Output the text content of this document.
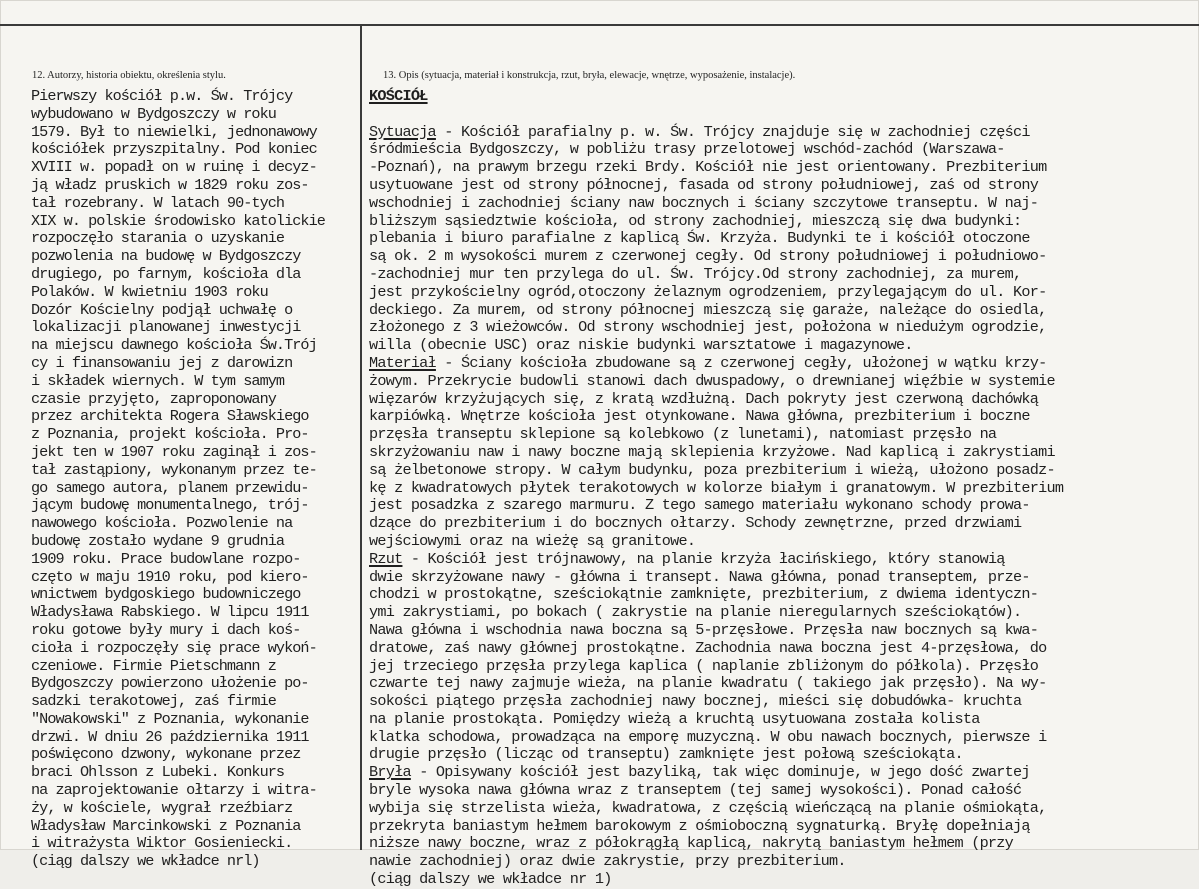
12. Autorzy, historia obiektu, określenia stylu.	13. Opis (sytuacja, materiał i konstrukcja, rzut, bryła, elewacje, wnętrze, wyposażenie, instalacje).
Pierwszy kościół p.w. Św. Trójcy
wybudowano w Bydgoszczy w roku
1579. Był to niewielki, jednonawowy
kościółek przyszpitalny. Pod koniec
XVIII w. popadł on w ruinę i decyz-
ją władz pruskich w 1829 roku zos-
tał rozebrany. W latach 90-tych
XIX w. polskie środowisko katolickie
rozpoczęło starania o uzyskanie
pozwolenia na budowę w Bydgoszczy
drugiego, po farnym, kościoła dla
Polaków. W kwietniu 1903 roku
Dozór Kościelny podjął uchwałę o
lokalizacji planowanej inwestycji
na miejscu dawnego kościoła Św.Trój
cy i finansowaniu jej z darowizn
i składek wiernych. W tym samym
czasie przyjęto, zaproponowany
przez architekta Rogera Sławskiego
z Poznania, projekt kościoła. Pro-
jekt ten w 1907 roku zaginął i zos-
tał zastąpiony, wykonanym przez te-
go samego autora, planem przewidu-
jącym budowę monumentalnego, trój-
nawowego kościoła. Pozwolenie na
budowę zostało wydane 9 grudnia
1909 roku. Prace budowlane rozpo-
częto w maju 1910 roku, pod kiero-
wnictwem bydgoskiego budowniczego
Władysława Rabskiego. W lipcu 1911
roku gotowe były mury i dach koś-
cioła i rozpoczęły się prace wykoń-
czeniowe. Firmie Pietschmann z
Bydgoszczy powierzono ułożenie po-
sadzki terakotowej, zaś firmie
"Nowakowski" z Poznania, wykonanie
drzwi. W dniu 26 października 1911
poświęcono dzwony, wykonane przez
braci Ohlsson z Lubeki. Konkurs
na zaprojektowanie ołtarzy i witra-
ży, w kościele, wygrał rzeźbiarz
Władysław Marcinkowski z Poznania
i witrażysta Wiktor Gosieniecki.
(ciąg dalszy we wkładce nrl)
KOŚCIÓŁ
Sytuacja - Kościół parafialny p. w. Św. Trójcy znajduje się w zachodniej części
śródmieścia Bydgoszczy, w pobliżu trasy przelotowej wschód-zachód (Warszawa-
-Poznań), na prawym brzegu rzeki Brdy. Kościół nie jest orientowany. Prezbiterium
usytuowane jest od strony północnej, fasada od strony południowej, zaś od strony
wschodniej i zachodniej ściany naw bocznych i ściany szczytowe transeptu. W naj-
bliższym sąsiedztwie kościoła, od strony zachodniej, mieszczą się dwa budynki:
plebania i biuro parafialne z kaplicą Św. Krzyża. Budynki te i kościół otoczone
są ok. 2 m wysokości murem z czerwonej cegły. Od strony południowej i południowo-
-zachodniej mur ten przylega do ul. Św. Trójcy.Od strony zachodniej, za murem,
jest przykościelny ogród,otoczony żelaznym ogrodzeniem, przylegającym do ul. Kor-
deckiego. Za murem, od strony północnej mieszczą się garaże, należące do osiedla,
złożonego z 3 wieżowców. Od strony wschodniej jest, położona w niedużym ogrodzie,
willa (obecnie USC) oraz niskie budynki warsztatowe i magazynowe.
Materiał - Ściany kościoła zbudowane są z czerwonej cegły, ułożonej w wątku krzy-
żowym. Przekrycie budowli stanowi dach dwuspadowy, o drewnianej więźbie w systemie
więzarów krzyżujących się, z kratą wzdłużną. Dach pokryty jest czerwoną dachówką
karpiówką. Wnętrze kościoła jest otynkowane. Nawa główna, prezbiterium i boczne
przęsła transeptu sklepione są kolebkowo (z lunetami), natomiast przęsło na
skrzyżowaniu naw i nawy boczne mają sklepienia krzyżowe. Nad kaplicą i zakrystiami
są żelbetonowe stropy. W całym budynku, poza prezbiterium i wieżą, ułożono posadz-
kę z kwadratowych płytek terakotowych w kolorze białym i granatowym. W prezbiterium
jest posadzka z szarego marmuru. Z tego samego materiału wykonano schody prowa-
dzące do prezbiterium i do bocznych ołtarzy. Schody zewnętrzne, przed drzwiami
wejściowymi oraz na wieżę są granitowe.
Rzut - Kościół jest trójnawowy, na planie krzyża łacińskiego, który stanowią
dwie skrzyżowane nawy - główna i transept. Nawa główna, ponad transeptem, prze-
chodzi w prostokątne, sześciokątnie zamknięte, prezbiterium, z dwiema identyczn-
ymi zakrystiami, po bokach ( zakrystie na planie nieregularnych sześciokątów).
Nawa główna i wschodnia nawa boczna są 5-przęsłowe. Przęsła naw bocznych są kwa-
dratowe, zaś nawy głównej prostokątne. Zachodnia nawa boczna jest 4-przęsłowa, do
jej trzeciego przęsła przylega kaplica ( naplanie zbliżonym do półkola). Przęsło
czwarte tej nawy zajmuje wieża, na planie kwadratu ( takiego jak przęsło). Na wy-
sokości piątego przęsła zachodniej nawy bocznej, mieści się dobudówka- kruchta
na planie prostokąta. Pomiędzy wieżą a kruchtą usytuowana została kolista
klatka schodowa, prowadząca na emporę muzyczną. W obu nawach bocznych, pierwsze i
drugie przęsło (licząc od transeptu) zamknięte jest połową sześciokąta.
Bryła - Opisywany kościół jest bazyliką, tak więc dominuje, w jego dość zwartej
bryle wysoka nawa główna wraz z transeptem (tej samej wysokości). Ponad całość
wybija się strzelista wieża, kwadratowa, z częścią wieńczącą na planie ośmiokąta,
przekryta baniastym hełmem barokowym z ośmioboczną sygnaturką. Bryłę dopełniają
niższe nawy boczne, wraz z półokrągłą kaplicą, nakrytą baniastym hełmem (przy
nawie zachodniej) oraz dwie zakrystie, przy prezbiterium.
(ciąg dalszy we wkładce nr 1)
